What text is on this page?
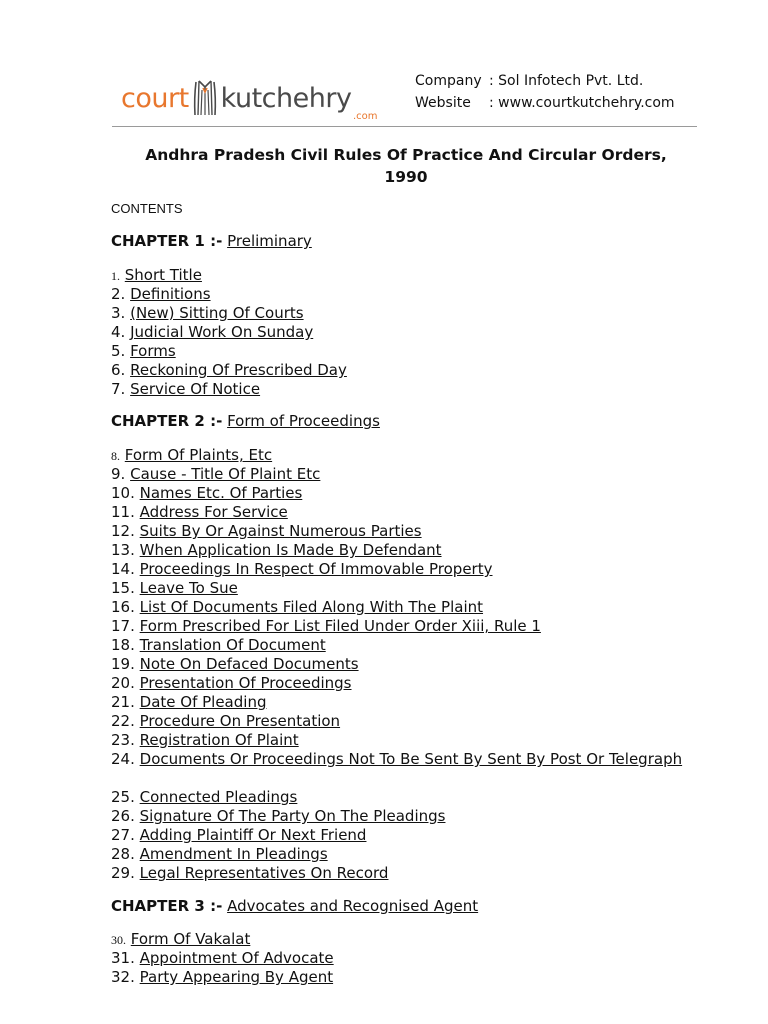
court kutchehry
.com
Company : Sol Infotech Pvt. Ltd.
Website	: www.courtkutchehry.com
Andhra Pradesh Civil Rules Of Practice And Circular Orders,
1990
CONTENTS
CHAPTER 1 :- Preliminary
1. Short Title
2. Definitions
3. (New) Sitting Of Courts
4. Judicial Work On Sunday
5. Forms
6. Reckoning Of Prescribed Day
7. Service Of Notice
CHAPTER 2 :- Form of Proceedings
8. Form Of Plaints, Etc
9. Cause - Title Of Plaint Etc
10. Names Etc. Of Parties
11. Address For Service
12. Suits By Or Against Numerous Parties
13. When Application Is Made By Defendant
14. Proceedings In Respect Of Immovable Property
15. Leave To Sue
16. List Of Documents Filed Along With The Plaint
17. Form Prescribed For List Filed Under Order Xiii, Rule 1
18. Translation Of Document
19. Note On Defaced Documents
20. Presentation Of Proceedings
21. Date Of Pleading
22. Procedure On Presentation
23. Registration Of Plaint
24. Documents Or Proceedings Not To Be Sent By Sent By Post Or Telegraph
25. Connected Pleadings
26. Signature Of The Party On The Pleadings
27. Adding Plaintiff Or Next Friend
28. Amendment In Pleadings
29. Legal Representatives On Record
CHAPTER 3 :- Advocates and Recognised Agent
30. Form Of Vakalat
31. Appointment Of Advocate
32. Party Appearing By Agent
